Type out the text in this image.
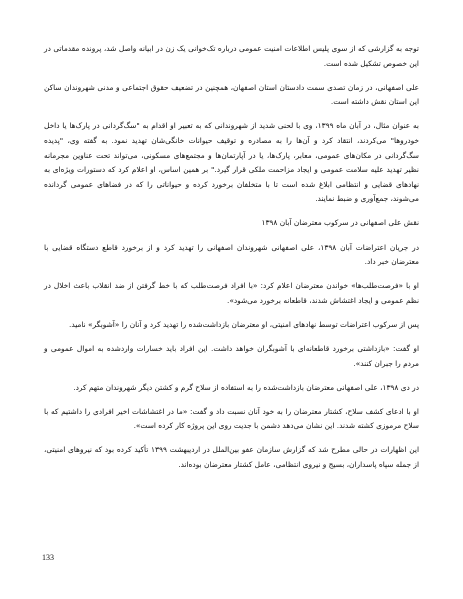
توجه به گزارشی که از سوی پلیس اطلاعات امنیت عمومی درباره تک‌خوانی یک زن در ابیانه واصل شد، پرونده مقدماتی در این خصوص تشکیل شده است.

علی اصفهانی، در زمان تصدی سمت دادستان استان اصفهان، همچنین در تضعیف حقوق اجتماعی و مدنی شهروندان ساکن این استان نقش داشته است.

به عنوان مثال، در آبان ماه ۱۳۹۹، وی با لحنی شدید از شهروندانی که به تعبیر او اقدام به "سگ‌گردانی در پارک‌ها یا داخل خودروها" می‌کردند، انتقاد کرد و آن‌ها را به مصادره و توقیف حیوانات خانگی‌شان تهدید نمود. به گفته وی، "پدیده سگ‌گردانی در مکان‌های عمومی، معابر، پارک‌ها، یا در آپارتمان‌ها و مجتمع‌های مسکونی، می‌تواند تحت عناوین مجرمانه نظیر تهدید علیه سلامت عمومی و ایجاد مزاحمت ملکی قرار گیرد." بر همین اساس، او اعلام کرد که دستورات ویژه‌ای به نهادهای قضایی و انتظامی ابلاغ شده است تا با متخلفان برخورد کرده و حیواناتی را که در فضاهای عمومی گردانده می‌شوند، جمع‌آوری و ضبط نمایند.

نقش علی اصفهانی در سرکوب معترضان آبان ۱۳۹۸

در جریان اعتراضات آبان ۱۳۹۸، علی اصفهانی شهروندان اصفهانی را تهدید کرد و از برخورد قاطع دستگاه قضایی با معترضان خبر داد.

او با «فرصت‌طلب‌ها» خواندن معترضان اعلام کرد: «با افراد فرصت‌طلب که با خط گرفتن از ضد انقلاب باعث اخلال در نظم عمومی و ایجاد اغتشاش شدند، قاطعانه برخورد می‌شود».

پس از سرکوب اعتراضات توسط نهادهای امنیتی، او معترضان بازداشت‌شده را تهدید کرد و آنان را «آشوبگر» نامید.

او گفت: «بازداشتی برخورد قاطعانه‌ای با آشوبگران خواهد داشت. این افراد باید خسارات واردشده به اموال عمومی و مردم را جبران کنند».

در دی ۱۳۹۸، علی اصفهانی معترضان بازداشت‌شده را به استفاده از سلاح گرم و کشتن دیگر شهروندان متهم کرد.

او با ادعای کشف سلاح، کشتار معترضان را به خود آنان نسبت داد و گفت: «ما در اغتشاشات اخیر افرادی را داشتیم که با سلاح مرموزی کشته شدند. این نشان می‌دهد دشمن با جدیت روی این پروژه کار کرده است».

این اظهارات در حالی مطرح شد که گزارش سازمان عفو بین‌الملل در اردیبهشت ۱۳۹۹ تأکید کرده بود که نیروهای امنیتی، از جمله سپاه پاسداران، بسیج و نیروی انتظامی، عامل کشتار معترضان بوده‌اند.

133
